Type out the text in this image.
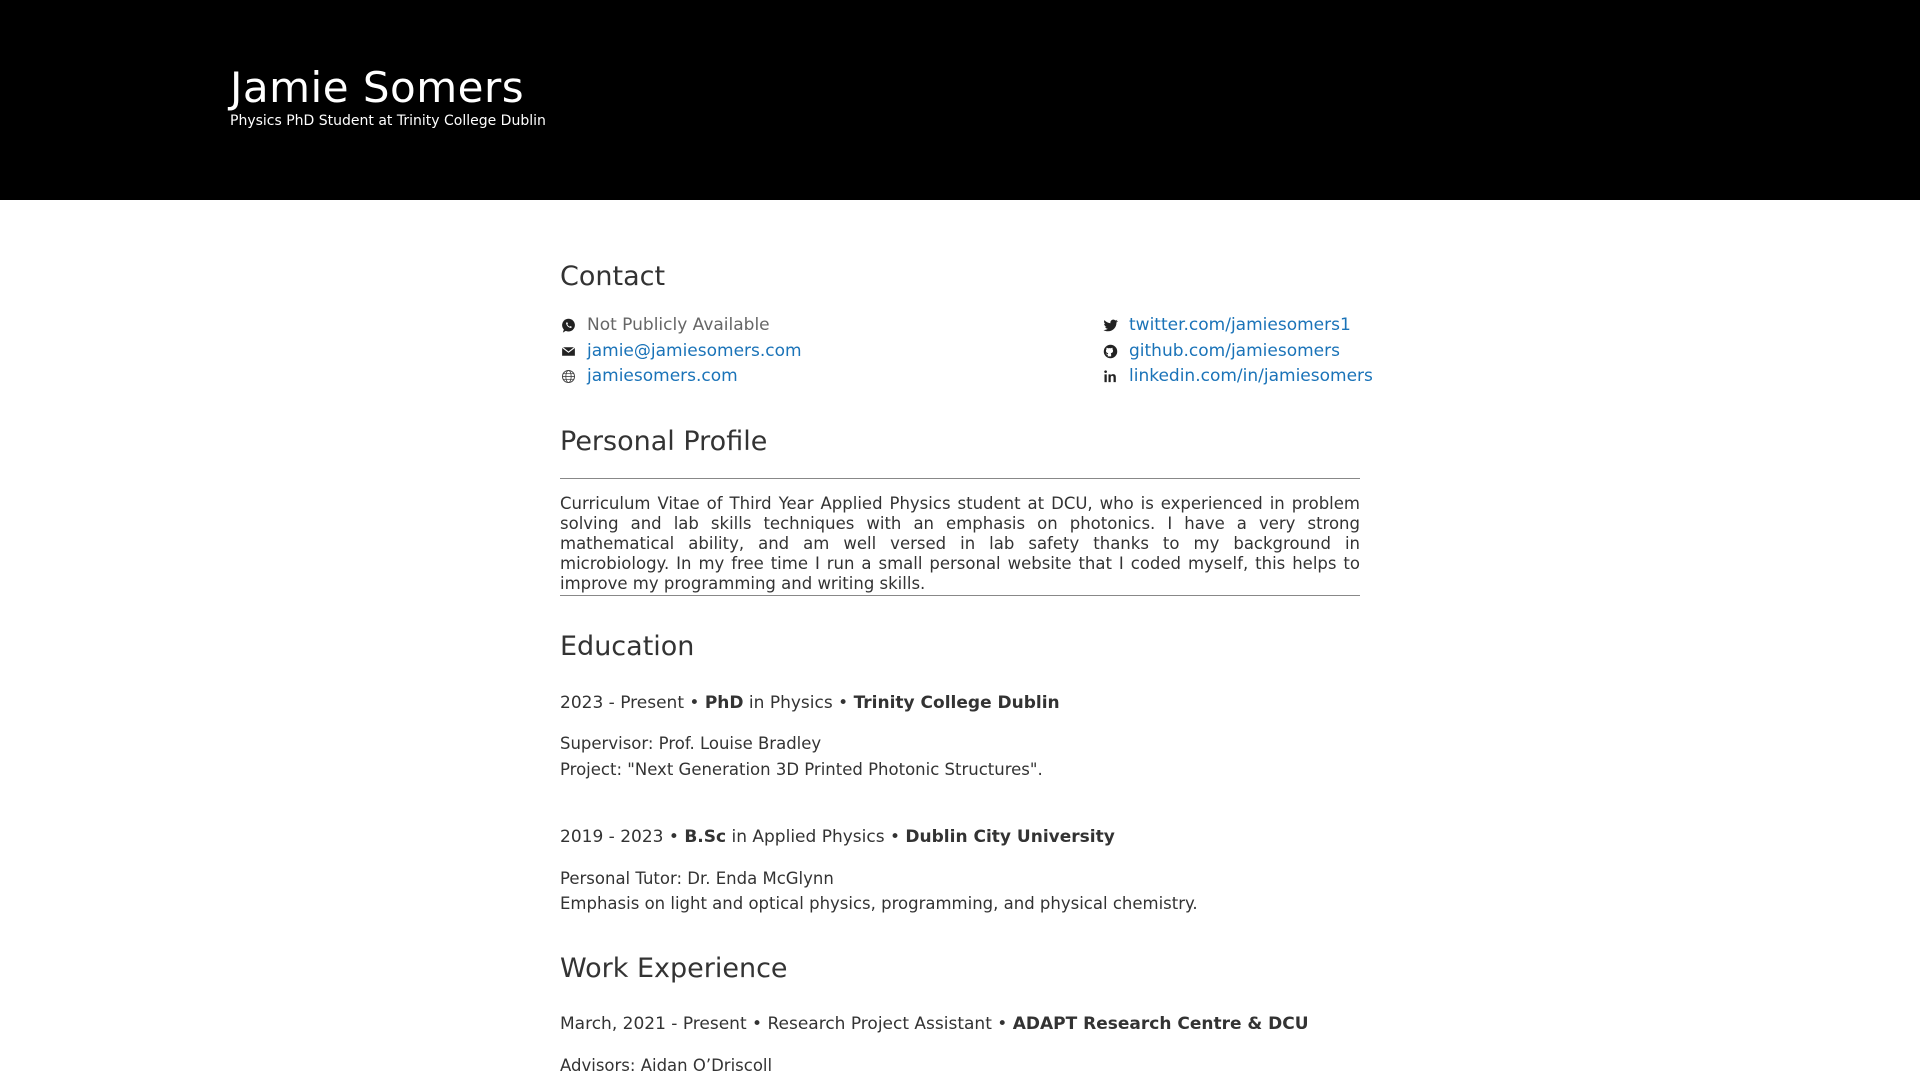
Jamie Somers
Physics PhD Student at Trinity College Dublin
Contact
Not Publicly Available
jamie@jamiesomers.com
jamiesomers.com
twitter.com/jamiesomers1
github.com/jamiesomers
linkedin.com/in/jamiesomers
Personal Profile
Curriculum Vitae of Third Year Applied Physics student at DCU, who is experienced in problem solving and lab skills techniques with an emphasis on photonics. I have a very strong mathematical ability, and am well versed in lab safety thanks to my background in microbiology. In my free time I run a small personal website that I coded myself, this helps to improve my programming and writing skills.
Education
2023 - Present • PhD in Physics • Trinity College Dublin
Supervisor: Prof. Louise Bradley
Project: "Next Generation 3D Printed Photonic Structures".
2019 - 2023 • B.Sc in Applied Physics • Dublin City University
Personal Tutor: Dr. Enda McGlynn
Emphasis on light and optical physics, programming, and physical chemistry.
Work Experience
March, 2021 - Present • Research Project Assistant • ADAPT Research Centre & DCU
Advisors: Aidan O’Driscoll
